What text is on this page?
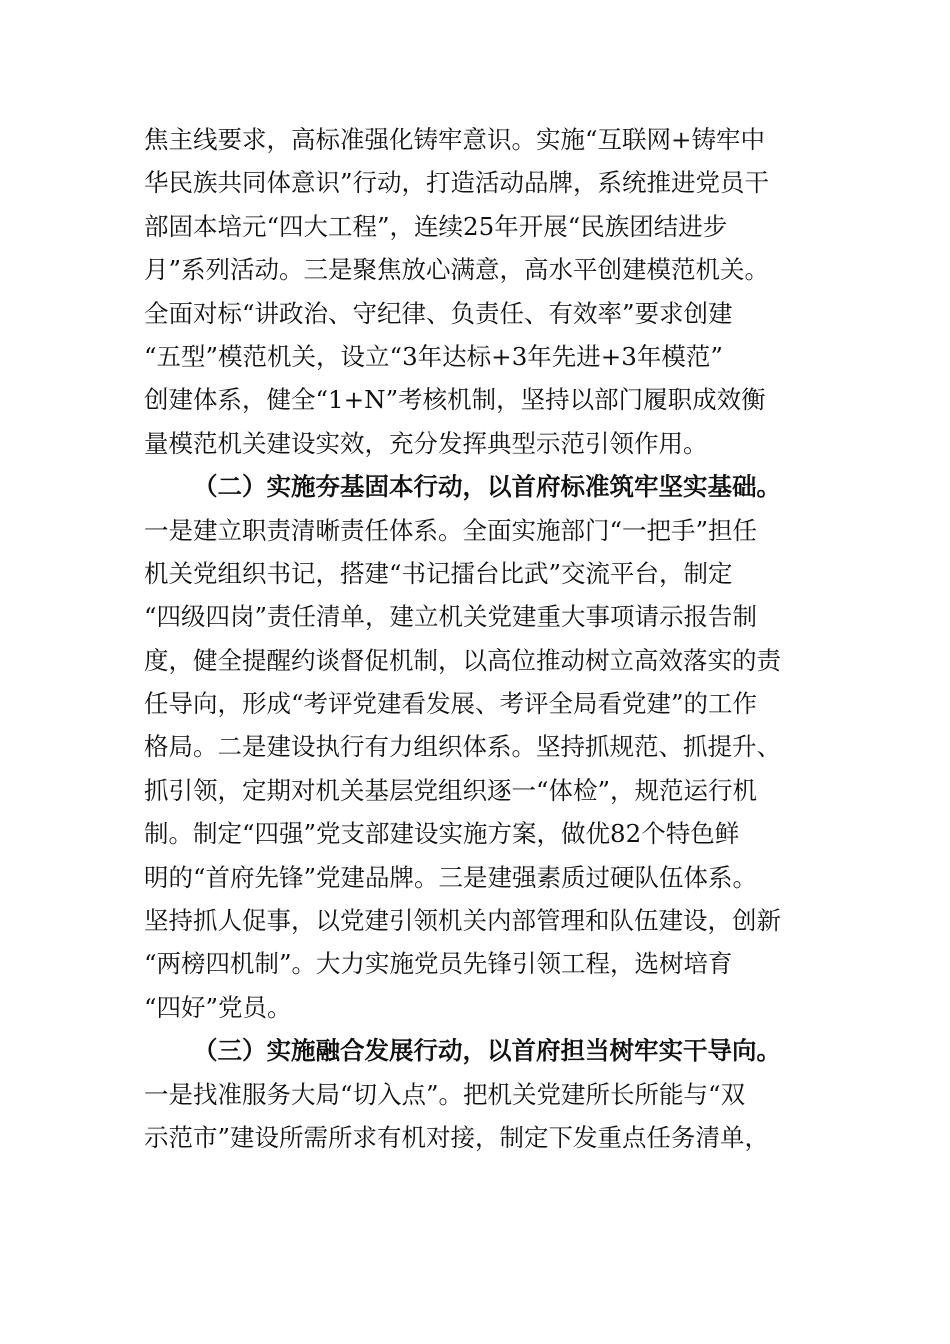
焦主线要求，高标准强化铸牢意识。实施“互联网+铸牢中
华民族共同体意识”行动，打造活动品牌，系统推进党员干
部固本培元“四大工程”，连续25年开展“民族团结进步
月”系列活动。三是聚焦放心满意，高水平创建模范机关。
全面对标“讲政治、守纪律、负责任、有效率”要求创建
“五型”模范机关，设立“3年达标+3年先进+3年模范”
创建体系，健全“1+N”考核机制，坚持以部门履职成效衡
量模范机关建设实效，充分发挥典型示范引领作用。
（二）实施夯基固本行动，以首府标准筑牢坚实基础。
一是建立职责清晰责任体系。全面实施部门“一把手”担任
机关党组织书记，搭建“书记擂台比武”交流平台，制定
“四级四岗”责任清单，建立机关党建重大事项请示报告制
度，健全提醒约谈督促机制，以高位推动树立高效落实的责
任导向，形成“考评党建看发展、考评全局看党建”的工作
格局。二是建设执行有力组织体系。坚持抓规范、抓提升、
抓引领，定期对机关基层党组织逐一“体检”，规范运行机
制。制定“四强”党支部建设实施方案，做优82个特色鲜
明的“首府先锋”党建品牌。三是建强素质过硬队伍体系。
坚持抓人促事，以党建引领机关内部管理和队伍建设，创新
“两榜四机制”。大力实施党员先锋引领工程，选树培育
“四好”党员。
（三）实施融合发展行动，以首府担当树牢实干导向。
一是找准服务大局“切入点”。把机关党建所长所能与“双
示范市”建设所需所求有机对接，制定下发重点任务清单，
